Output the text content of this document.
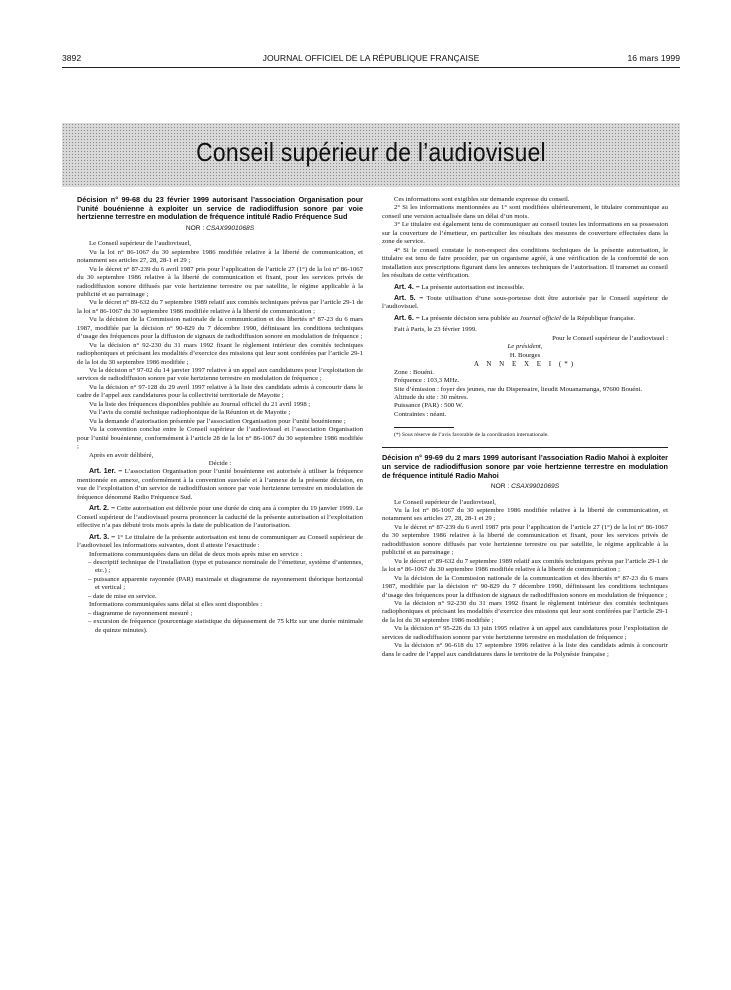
3892	JOURNAL OFFICIEL DE LA RÉPUBLIQUE FRANÇAISE	16 mars 1999
Conseil supérieur de l’audiovisuel

Décision n° 99-68 du 23 février 1999 autorisant l’association Organisation pour l’unité bouénienne à exploiter un service de radiodiffusion sonore par voie hertzienne terrestre en modulation de fréquence intitulé Radio Fréquence Sud

NOR : CSAX9901068S

Le Conseil supérieur de l’audiovisuel,

Vu la loi n° 86-1067 du 30 septembre 1986 modifiée relative à la liberté de communication, et notamment ses articles 27, 28, 28-1 et 29 ;

Vu le décret n° 87-239 du 6 avril 1987 pris pour l’application de l’article 27 (1°) de la loi n° 86-1067 du 30 septembre 1986 relative à la liberté de communication et fixant, pour les services privés de radiodiffusion sonore diffusés par voie hertzienne terrestre ou par satellite, le régime applicable à la publicité et au parrainage ;

Vu le décret n° 89-632 du 7 septembre 1989 relatif aux comités techniques prévus par l’article 29-1 de la loi n° 86-1067 du 30 septembre 1986 modifiée relative à la liberté de communication ;

Vu la décision de la Commission nationale de la communication et des libertés n° 87-23 du 6 mars 1987, modifiée par la décision n° 90-829 du 7 décembre 1990, définissant les conditions techniques d’usage des fréquences pour la diffusion de signaux de radiodiffusion sonore en modulation de fréquence ;

Vu la décision n° 92-230 du 31 mars 1992 fixant le règlement intérieur des comités techniques radiophoniques et précisant les modalités d’exercice des missions qui leur sont conférées par l’article 29-1 de la loi du 30 septembre 1986 modifiée ;

Vu la décision n° 97-02 du 14 janvier 1997 relative à un appel aux candidatures pour l’exploitation de services de radiodiffusion sonore par voie hertzienne terrestre en modulation de fréquence ;

Vu la décision n° 97-128 du 29 avril 1997 relative à la liste des candidats admis à concourir dans le cadre de l’appel aux candidatures pour la collectivité territoriale de Mayotte ;

Vu la liste des fréquences disponibles publiée au Journal officiel du 21 avril 1998 ;

Vu l’avis du comité technique radiophonique de la Réunion et de Mayotte ;

Vu la demande d’autorisation présentée par l’association Organisation pour l’unité bouénienne ;

Vu la convention conclue entre le Conseil supérieur de l’audiovisuel et l’association Organisation pour l’unité bouénienne, conformément à l’article 28 de la loi n° 86-1067 du 30 septembre 1986 modifiée ;

Après en avoir délibéré,

Décide :

Art. 1er. – L’association Organisation pour l’unité bouénienne est autorisée à utiliser la fréquence mentionnée en annexe, conformément à la convention susvisée et à l’annexe de la présente décision, en vue de l’exploitation d’un service de radiodiffusion sonore par voie hertzienne terrestre en modulation de fréquence dénommé Radio Fréquence Sud.

Art. 2. – Cette autorisation est délivrée pour une durée de cinq ans à compter du 19 janvier 1999. Le Conseil supérieur de l’audiovisuel pourra prononcer la caducité de la présente autorisation si l’exploitation effective n’a pas débuté trois mois après la date de publication de l’autorisation.

Art. 3. – 1° Le titulaire de la présente autorisation est tenu de communiquer au Conseil supérieur de l’audiovisuel les informations suivantes, dont il atteste l’exactitude :

Informations communiquées dans un délai de deux mois après mise en service :

– descriptif technique de l’installation (type et puissance nominale de l’émetteur, système d’antennes, etc.) ;

– puissance apparente rayonnée (PAR) maximale et diagramme de rayonnement théorique horizontal et vertical ;

– date de mise en service.

Informations communiquées sans délai si elles sont disponibles :

– diagramme de rayonnement mesuré ;

– excursion de fréquence (pourcentage statistique du dépassement de 75 kHz sur une durée minimale de quinze minutes).

Ces informations sont exigibles sur demande expresse du conseil.

2° Si les informations mentionnées au 1° sont modifiées ultérieurement, le titulaire communique au conseil une version actualisée dans un délai d’un mois.

3° Le titulaire est également tenu de communiquer au conseil toutes les informations en sa possession sur la couverture de l’émetteur, en particulier les résultats des mesures de couverture effectuées dans la zone de service.

4° Si le conseil constate le non-respect des conditions techniques de la présente autorisation, le titulaire est tenu de faire procéder, par un organisme agréé, à une vérification de la conformité de son installation aux prescriptions figurant dans les annexes techniques de l’autorisation. Il transmet au conseil les résultats de cette vérification.

Art. 4. – La présente autorisation est incessible.

Art. 5. – Toute utilisation d’une sous-porteuse doit être autorisée par le Conseil supérieur de l’audiovisuel.

Art. 6. – La présente décision sera publiée au Journal officiel de la République française.

Fait à Paris, le 23 février 1999.

Pour le Conseil supérieur de l’audiovisuel :

Le président,

H. Bourges

A N N E X E I (*)

Zone : Bouéni.

Fréquence : 103,3 MHz.

Site d’émission : foyer des jeunes, rue du Dispensaire, lieudit Mouanamanga, 97600 Bouéni.

Altitude du site : 30 mètres.

Puissance (PAR) : 500 W.

Contraintes : néant.

(*) Sous réserve de l’avis favorable de la coordination internationale.

Décision n° 99-69 du 2 mars 1999 autorisant l’association Radio Mahoi à exploiter un service de radiodiffusion sonore par voie hertzienne terrestre en modulation de fréquence intitulé Radio Mahoi

NOR : CSAX9901069S

Le Conseil supérieur de l’audiovisuel,

Vu la loi n° 86-1067 du 30 septembre 1986 modifiée relative à la liberté de communication, et notamment ses articles 27, 28, 28-1 et 29 ;

Vu le décret n° 87-239 du 6 avril 1987 pris pour l’application de l’article 27 (1°) de la loi n° 86-1067 du 30 septembre 1986 relative à la liberté de communication et fixant, pour les services privés de radiodiffusion sonore diffusés par voie hertzienne terrestre ou par satellite, le régime applicable à la publicité et au parrainage ;

Vu le décret n° 89-632 du 7 septembre 1989 relatif aux comités techniques prévus par l’article 29-1 de la loi n° 86-1067 du 30 septembre 1986 modifiée relative à la liberté de communication ;

Vu la décision de la Commission nationale de la communication et des libertés n° 87-23 du 6 mars 1987, modifiée par la décision n° 90-829 du 7 décembre 1990, définissant les conditions techniques d’usage des fréquences pour la diffusion de signaux de radiodiffusion sonore en modulation de fréquence ;

Vu la décision n° 92-230 du 31 mars 1992 fixant le règlement intérieur des comités techniques radiophoniques et précisant les modalités d’exercice des missions qui leur sont conférées par l’article 29-1 de la loi du 30 septembre 1986 modifiée ;

Vu la décision n° 95-226 du 13 juin 1995 relative à un appel aux candidatures pour l’exploitation de services de radiodiffusion sonore par voie hertzienne terrestre en modulation de fréquence ;

Vu la décision n° 96-618 du 17 septembre 1996 relative à la liste des candidats admis à concourir dans le cadre de l’appel aux candidatures dans le territoire de la Polynésie française ;
